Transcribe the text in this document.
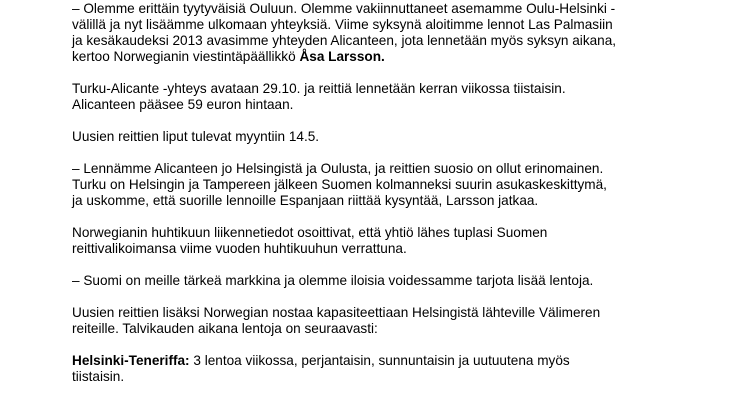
– Olemme erittäin tyytyväisiä Ouluun. Olemme vakiinnuttaneet asemamme Oulu-Helsinki -
välillä ja nyt lisäämme ulkomaan yhteyksiä. Viime syksynä aloitimme lennot Las Palmasiin
ja kesäkaudeksi 2013 avasimme yhteyden Alicanteen, jota lennetään myös syksyn aikana,
kertoo Norwegianin viestintäpäällikkö Åsa Larsson.
Turku-Alicante -yhteys avataan 29.10. ja reittiä lennetään kerran viikossa tiistaisin.
Alicanteen pääsee 59 euron hintaan.
Uusien reittien liput tulevat myyntiin 14.5.
– Lennämme Alicanteen jo Helsingistä ja Oulusta, ja reittien suosio on ollut erinomainen.
Turku on Helsingin ja Tampereen jälkeen Suomen kolmanneksi suurin asukaskeskittymä,
ja uskomme, että suorille lennoille Espanjaan riittää kysyntää, Larsson jatkaa.
Norwegianin huhtikuun liikennetiedot osoittivat, että yhtiö lähes tuplasi Suomen
reittivalikoimansa viime vuoden huhtikuuhun verrattuna.
– Suomi on meille tärkeä markkina ja olemme iloisia voidessamme tarjota lisää lentoja.
Uusien reittien lisäksi Norwegian nostaa kapasiteettiaan Helsingistä lähteville Välimeren
reiteille. Talvikauden aikana lentoja on seuraavasti:
Helsinki-Teneriffa: 3 lentoa viikossa, perjantaisin, sunnuntaisin ja uutuutena myös
tiistaisin.
